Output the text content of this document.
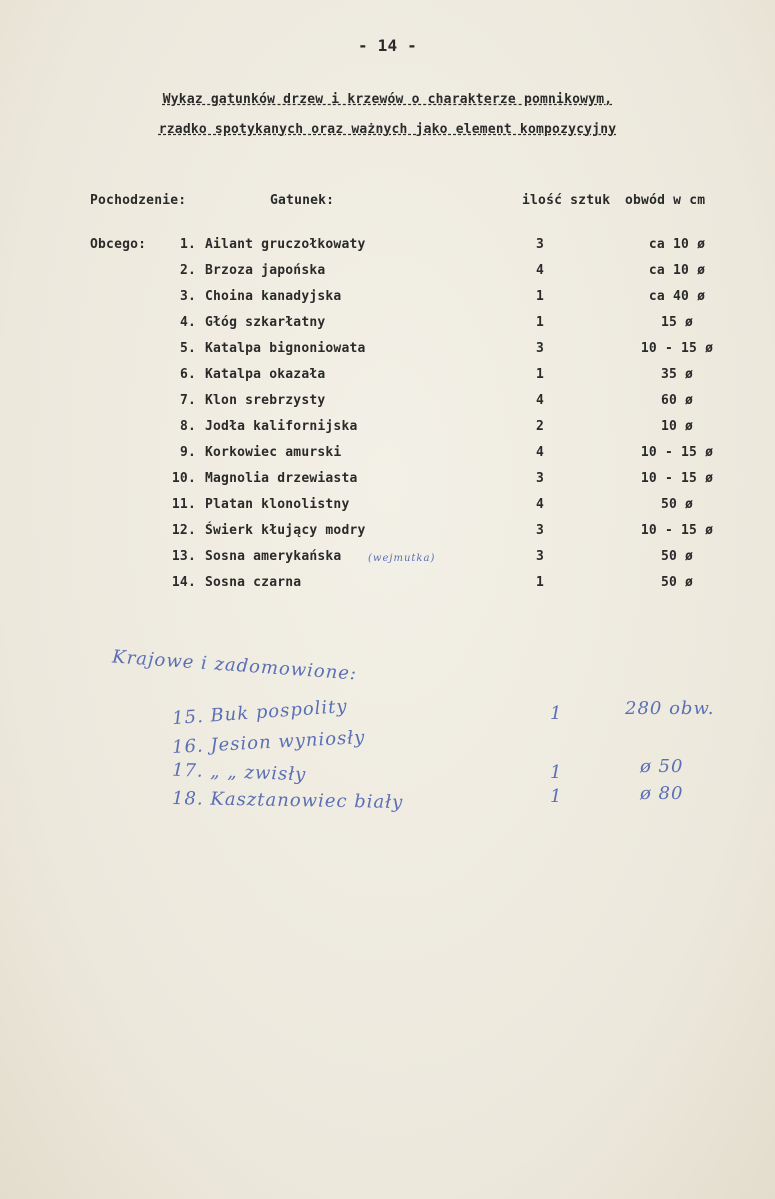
- 14 -
Wykaz gatunków drzew i krzewów o charakterze pomnikowym,
rzadko spotykanych oraz ważnych jako element kompozycyjny
Pochodzenie:	Gatunek:	ilość sztuk obwód w cm
Obcego:	1. Ailant gruczołkowaty	3	ca 10 ø
2. Brzoza japońska	4	ca 10 ø
3. Choina kanadyjska	1	ca 40 ø
4. Głóg szkarłatny	1	15 ø
5. Katalpa bignoniowata	3	10 - 15 ø
6. Katalpa okazała	1	35 ø
7. Klon srebrzysty	4	60 ø
8. Jodła kalifornijska	2	10 ø
9. Korkowiec amurski	4	10 - 15 ø
10. Magnolia drzewiasta	3	10 - 15 ø
11. Platan klonolistny	4	50 ø
12. Świerk kłujący modry	3	10 - 15 ø
13. Sosna amerykańska	3	50 ø
14. Sosna czarna	1	50 ø
(wejmutka)
Krajowe i zadomowione:
15. Buk pospolity	1	280 obw.
16. Jesion wyniosły
17. „ „ zwisły	1	ø 50
18. Kasztanowiec biały	1	ø 80
